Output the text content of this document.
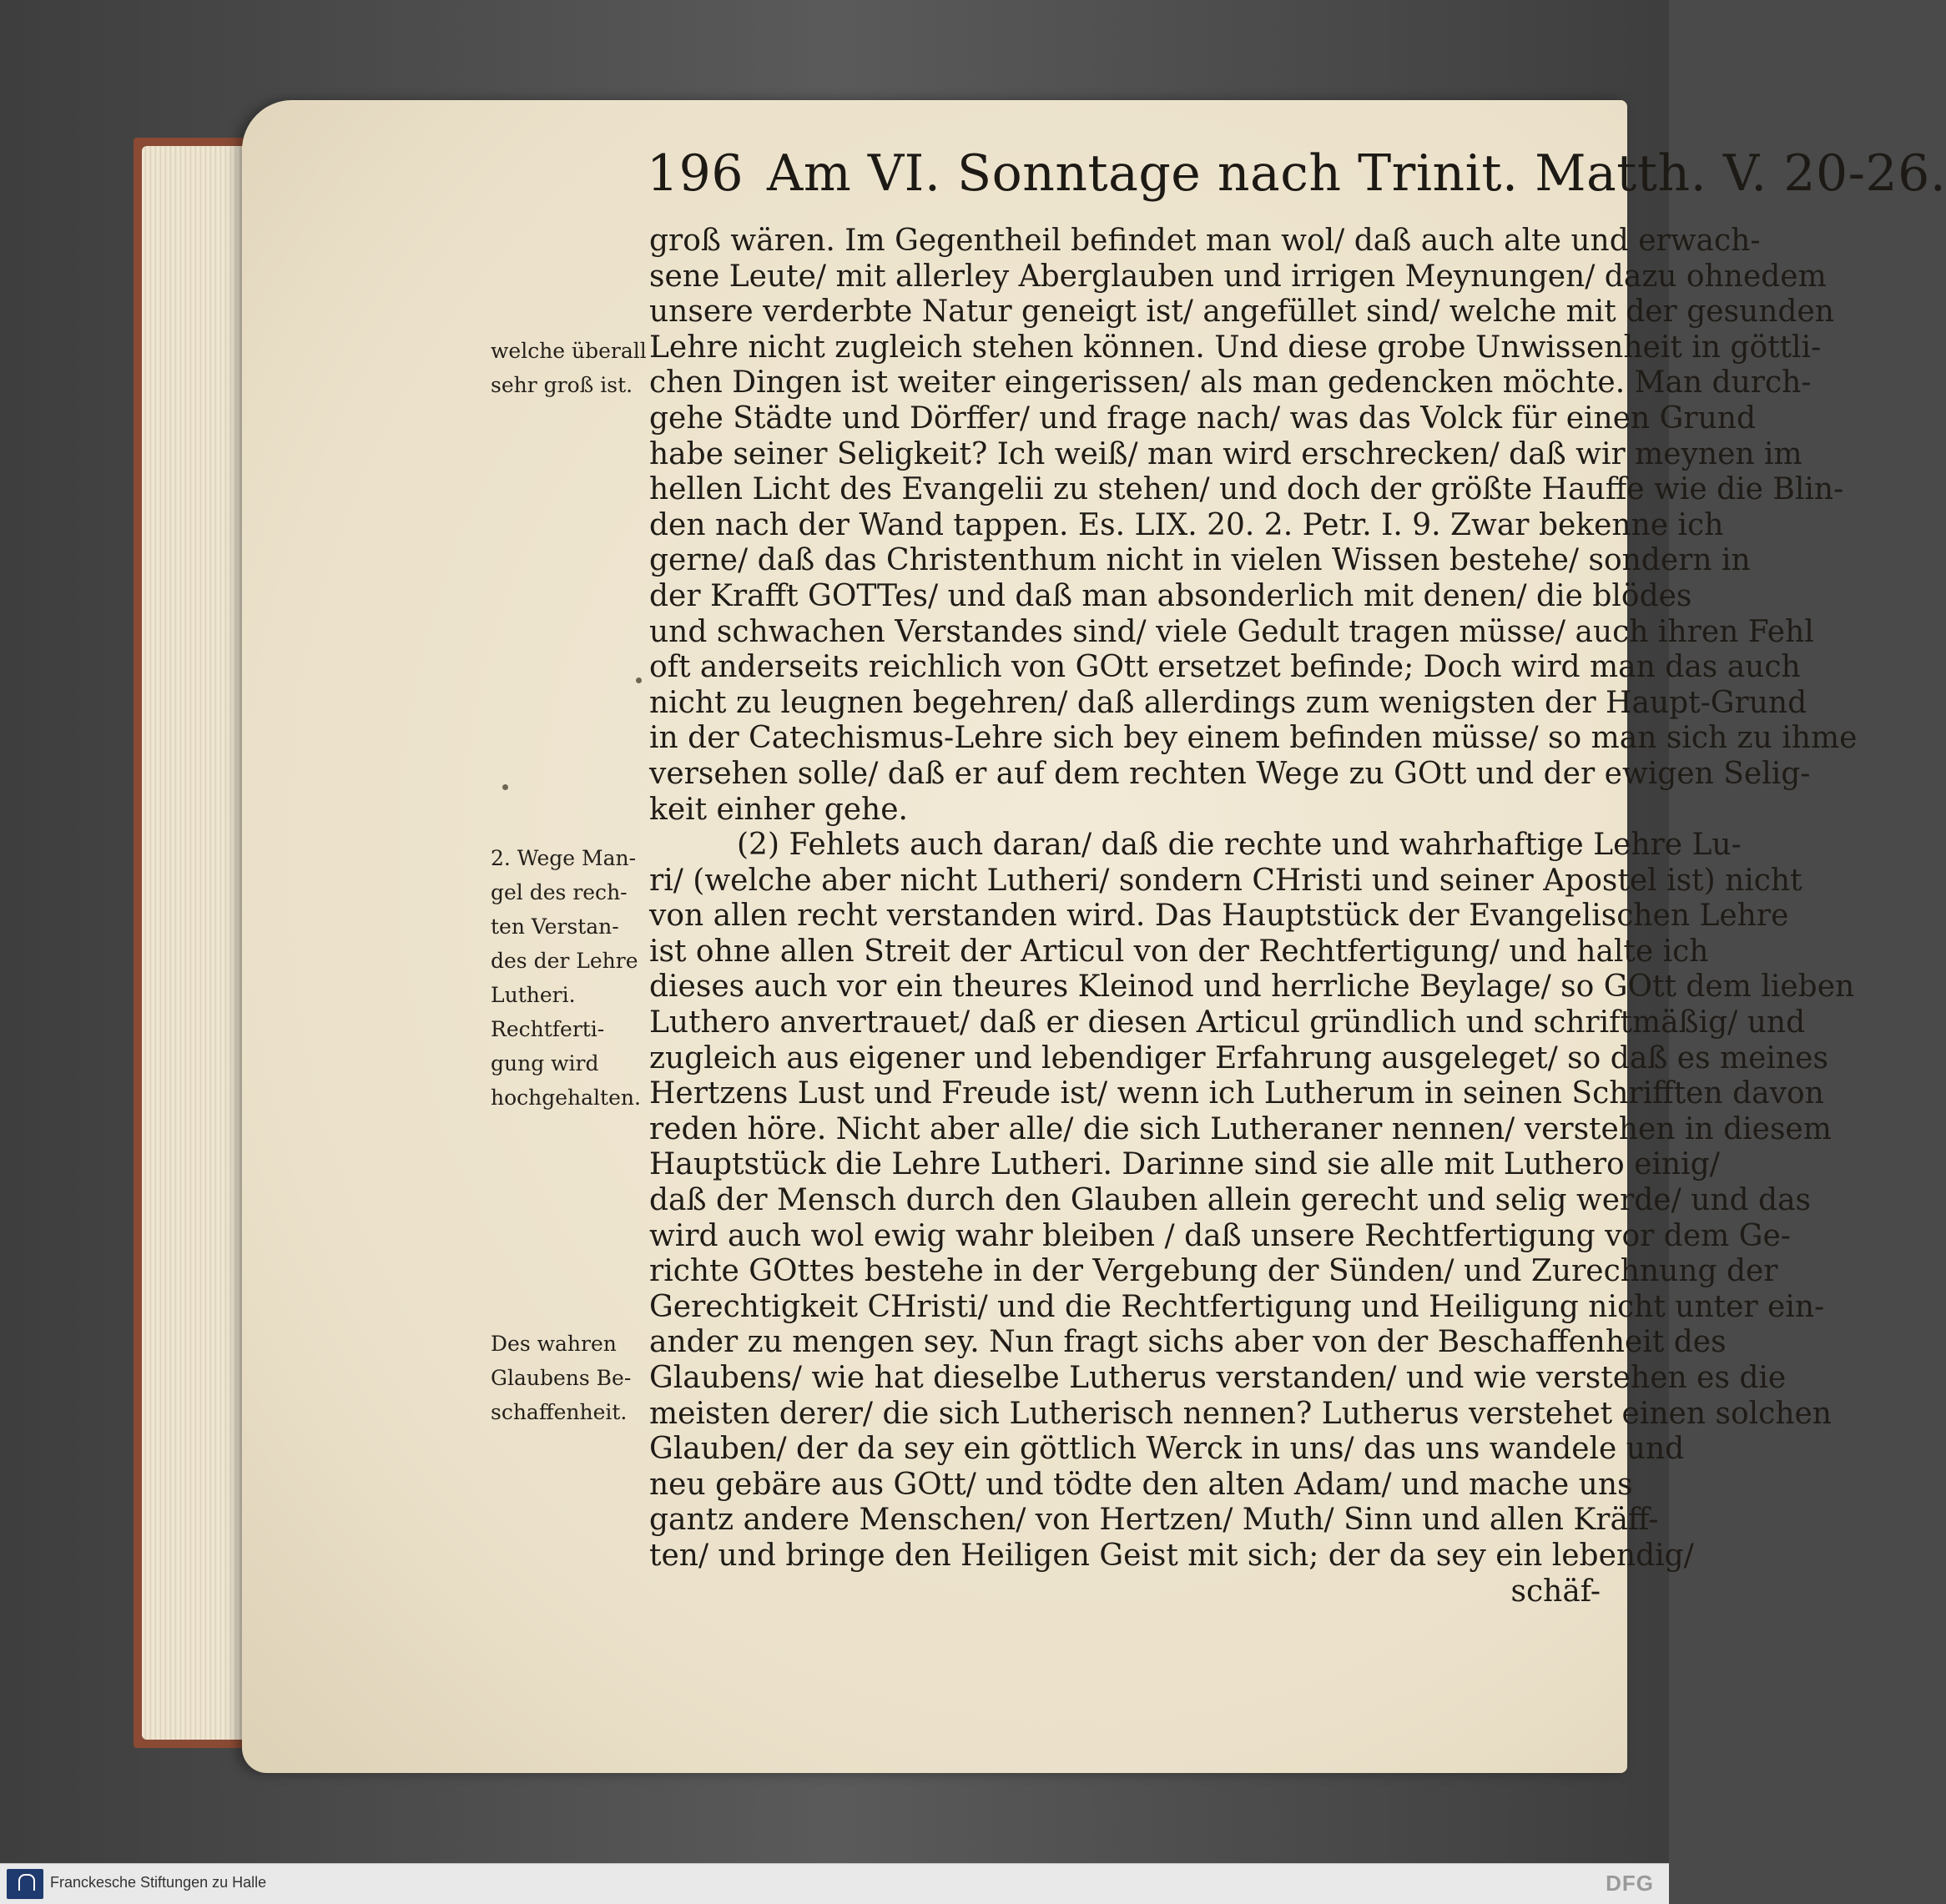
196 Am VI. Sonntage nach Trinit. Matth. V. 20-26.
groß wären. Im Gegentheil befindet man wol/ daß auch alte und erwach-
sene Leute/ mit allerley Aberglauben und irrigen Meynungen/ dazu ohnedem
unsere verderbte Natur geneigt ist/ angefüllet sind/ welche mit der gesunden
Lehre nicht zugleich stehen können. Und diese grobe Unwissenheit in göttli-
chen Dingen ist weiter eingerissen/ als man gedencken möchte. Man durch-
gehe Städte und Dörffer/ und frage nach/ was das Volck für einen Grund
habe seiner Seligkeit? Ich weiß/ man wird erschrecken/ daß wir meynen im
hellen Licht des Evangelii zu stehen/ und doch der größte Hauffe wie die Blin-
den nach der Wand tappen. Es. LIX. 20. 2. Petr. I. 9. Zwar bekenne ich
gerne/ daß das Christenthum nicht in vielen Wissen bestehe/ sondern in
der Krafft GOTTes/ und daß man absonderlich mit denen/ die blödes
und schwachen Verstandes sind/ viele Gedult tragen müsse/ auch ihren Fehl
oft anderseits reichlich von GOtt ersetzet befinde; Doch wird man das auch
nicht zu leugnen begehren/ daß allerdings zum wenigsten der Haupt-Grund
in der Catechismus-Lehre sich bey einem befinden müsse/ so man sich zu ihme
versehen solle/ daß er auf dem rechten Wege zu GOtt und der ewigen Selig-
keit einher gehe.
(2) Fehlets auch daran/ daß die rechte und wahrhaftige Lehre Lu-
ri/ (welche aber nicht Lutheri/ sondern CHristi und seiner Apostel ist) nicht
von allen recht verstanden wird. Das Hauptstück der Evangelischen Lehre
ist ohne allen Streit der Articul von der Rechtfertigung/ und halte ich
dieses auch vor ein theures Kleinod und herrliche Beylage/ so GOtt dem lieben
Luthero anvertrauet/ daß er diesen Articul gründlich und schriftmäßig/ und
zugleich aus eigener und lebendiger Erfahrung ausgeleget/ so daß es meines
Hertzens Lust und Freude ist/ wenn ich Lutherum in seinen Schrifften davon
reden höre. Nicht aber alle/ die sich Lutheraner nennen/ verstehen in diesem
Hauptstück die Lehre Lutheri. Darinne sind sie alle mit Luthero einig/
daß der Mensch durch den Glauben allein gerecht und selig werde/ und das
wird auch wol ewig wahr bleiben / daß unsere Rechtfertigung vor dem Ge-
richte GOttes bestehe in der Vergebung der Sünden/ und Zurechnung der
Gerechtigkeit CHristi/ und die Rechtfertigung und Heiligung nicht unter ein-
ander zu mengen sey. Nun fragt sichs aber von der Beschaffenheit des
Glaubens/ wie hat dieselbe Lutherus verstanden/ und wie verstehen es die
meisten derer/ die sich Lutherisch nennen? Lutherus verstehet einen solchen
Glauben/ der da sey ein göttlich Werck in uns/ das uns wandele und
neu gebäre aus GOtt/ und tödte den alten Adam/ und mache uns
gantz andere Menschen/ von Hertzen/ Muth/ Sinn und allen Kräff-
ten/ und bringe den Heiligen Geist mit sich; der da sey ein lebendig/
schäf-
welche überall
sehr groß ist.
2. Wege Man-
gel des rech-
ten Verstan-
des der Lehre
Lutheri.
Rechtferti-
gung wird
hochgehalten.
Des wahren
Glaubens Be-
schaffenheit.
Franckesche Stiftungen zu Halle	DFG
